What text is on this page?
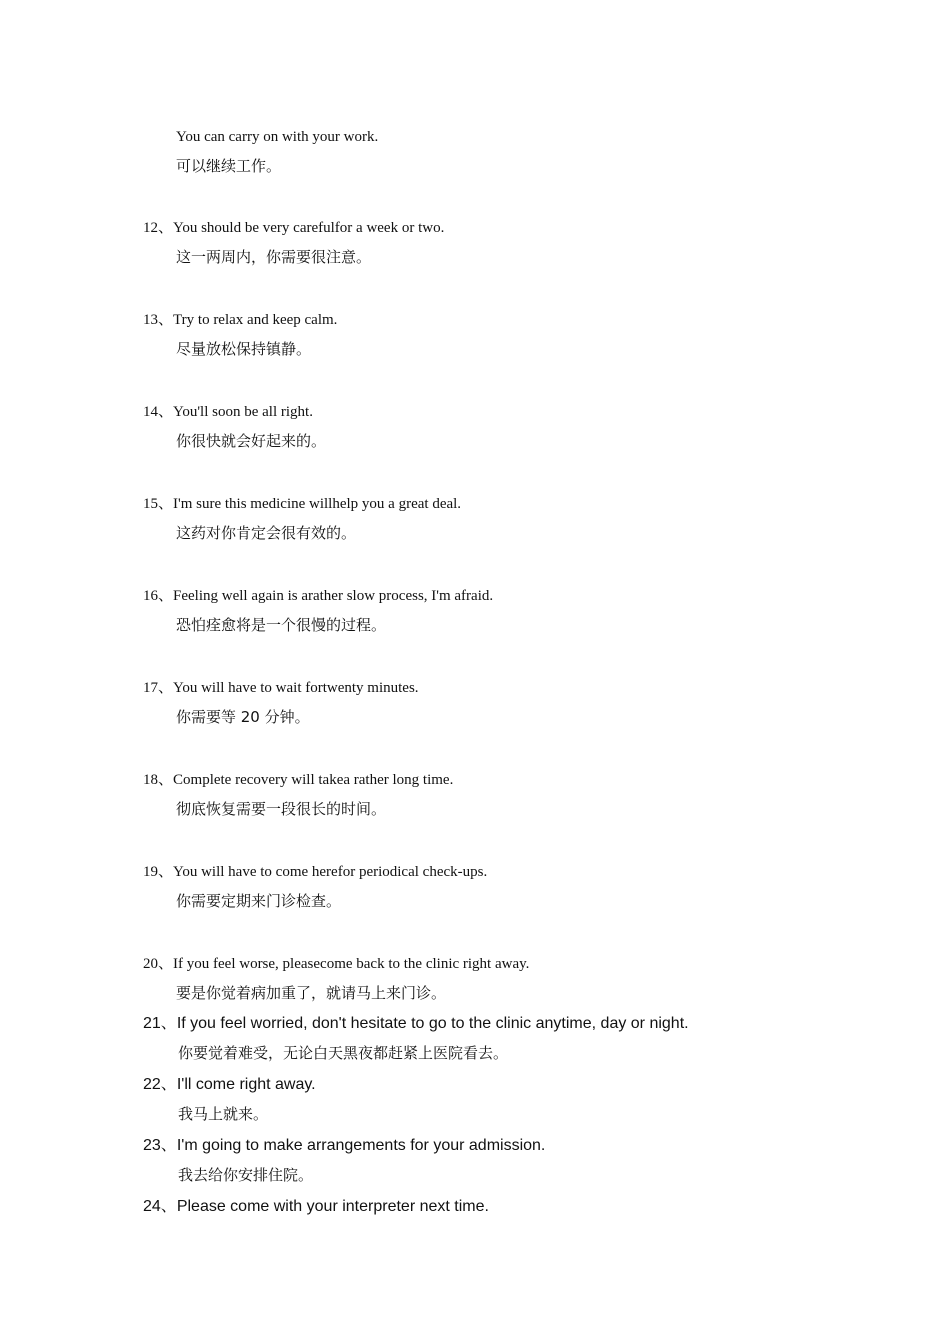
You can carry on with your work.
可以继续工作。
12、You should be very carefulfor a week or two.
这一两周内，你需要很注意。
13、Try to relax and keep calm.
尽量放松保持镇静。
14、You'll soon be all right.
你很快就会好起来的。
15、I'm sure this medicine willhelp you a great deal.
这药对你肯定会很有效的。
16、Feeling well again is arather slow process, I'm afraid.
恐怕痊愈将是一个很慢的过程。
17、You will have to wait fortwenty minutes.
你需要等 20 分钟。
18、Complete recovery will takea rather long time.
彻底恢复需要一段很长的时间。
19、You will have to come herefor periodical check-ups.
你需要定期来门诊检查。
20、If you feel worse, pleasecome back to the clinic right away.
要是你觉着病加重了，就请马上来门诊。
21、If you feel worried, don't hesitate to go to the clinic anytime, day or night.
你要觉着难受，无论白天黑夜都赶紧上医院看去。
22、I'll come right away.
我马上就来。
23、I'm going to make arrangements for your admission.
我去给你安排住院。
24、Please come with your interpreter next time.
